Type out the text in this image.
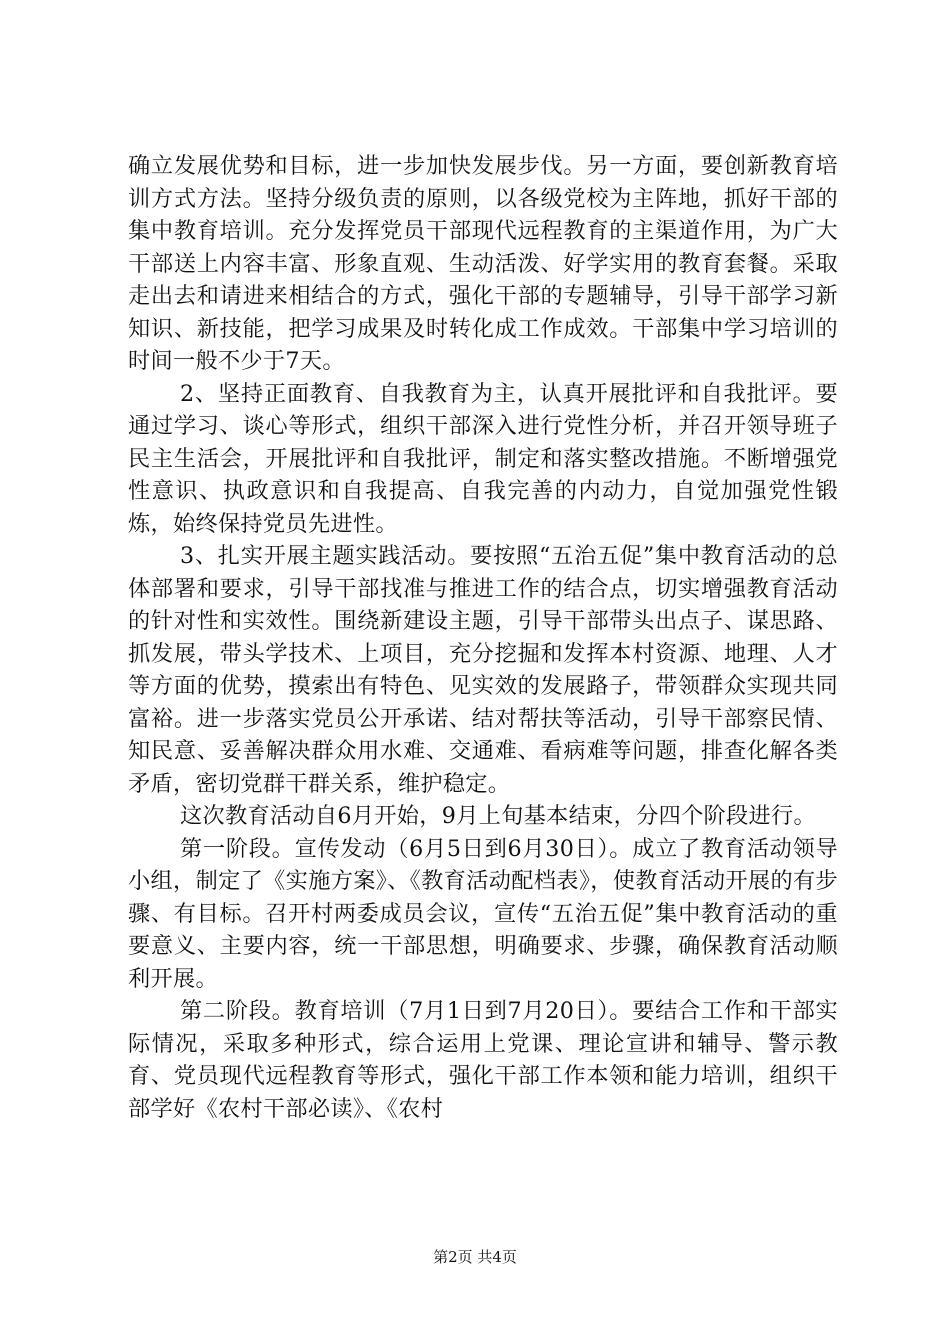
确立发展优势和目标，进一步加快发展步伐。另一方面，要创新教育培训方式方法。坚持分级负责的原则，以各级党校为主阵地，抓好干部的集中教育培训。充分发挥党员干部现代远程教育的主渠道作用，为广大干部送上内容丰富、形象直观、生动活泼、好学实用的教育套餐。采取走出去和请进来相结合的方式，强化干部的专题辅导，引导干部学习新知识、新技能，把学习成果及时转化成工作成效。干部集中学习培训的时间一般不少于7天。

2、坚持正面教育、自我教育为主，认真开展批评和自我批评。要通过学习、谈心等形式，组织干部深入进行党性分析，并召开领导班子民主生活会，开展批评和自我批评，制定和落实整改措施。不断增强党性意识、执政意识和自我提高、自我完善的内动力，自觉加强党性锻炼，始终保持党员先进性。

3、扎实开展主题实践活动。要按照“五治五促”集中教育活动的总体部署和要求，引导干部找准与推进工作的结合点，切实增强教育活动的针对性和实效性。围绕新建设主题，引导干部带头出点子、谋思路、抓发展，带头学技术、上项目，充分挖掘和发挥本村资源、地理、人才等方面的优势，摸索出有特色、见实效的发展路子，带领群众实现共同富裕。进一步落实党员公开承诺、结对帮扶等活动，引导干部察民情、知民意、妥善解决群众用水难、交通难、看病难等问题，排查化解各类矛盾，密切党群干群关系，维护稳定。

这次教育活动自6月开始，9月上旬基本结束，分四个阶段进行。

第一阶段。宣传发动（6月5日到6月30日）。成立了教育活动领导小组，制定了《实施方案》、《教育活动配档表》，使教育活动开展的有步骤、有目标。召开村两委成员会议，宣传“五治五促”集中教育活动的重要意义、主要内容，统一干部思想，明确要求、步骤，确保教育活动顺利开展。

第二阶段。教育培训（7月1日到7月20日）。要结合工作和干部实际情况，采取多种形式，综合运用上党课、理论宣讲和辅导、警示教育、党员现代远程教育等形式，强化干部工作本领和能力培训，组织干部学好《农村干部必读》、《农村

第2页 共4页
